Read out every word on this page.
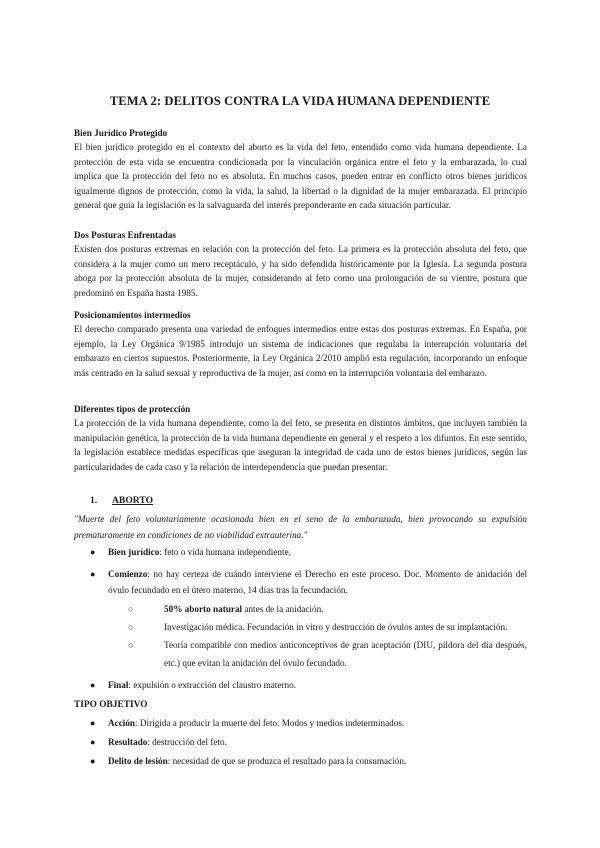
TEMA 2: DELITOS CONTRA LA VIDA HUMANA DEPENDIENTE

Bien Jurídico Protegido

El bien jurídico protegido en el contexto del aborto es la vida del feto, entendido como vida humana dependiente. La protección de esta vida se encuentra condicionada por la vinculación orgánica entre el feto y la embarazada, lo cual implica que la protección del feto no es absoluta. En muchos casos, pueden entrar en conflicto otros bienes jurídicos igualmente dignos de protección, como la vida, la salud, la libertad o la dignidad de la mujer embarazada. El principio general que guía la legislación es la salvaguarda del interés preponderante en cada situación particular.

Dos Posturas Enfrentadas

Existen dos posturas extremas en relación con la protección del feto. La primera es la protección absoluta del feto, que considera a la mujer como un mero receptáculo, y ha sido defendida históricamente por la Iglesia. La segunda postura aboga por la protección absoluta de la mujer, considerando al feto como una prolongación de su vientre, postura que predominó en España hasta 1985.

Posicionamientos intermedios

El derecho comparado presenta una variedad de enfoques intermedios entre estas dos posturas extremas. En España, por ejemplo, la Ley Orgánica 9/1985 introdujo un sistema de indicaciones que regulaba la interrupción voluntaria del embarazo en ciertos supuestos. Posteriormente, la Ley Orgánica 2/2010 amplió esta regulación, incorporando un enfoque más centrado en la salud sexual y reproductiva de la mujer, así como en la interrupción voluntaria del embarazo.

Diferentes tipos de protección

La protección de la vida humana dependiente, como la del feto, se presenta en distintos ámbitos, que incluyen también la manipulación genética, la protección de la vida humana dependiente en general y el respeto a los difuntos. En este sentido, la legislación establece medidas específicas que aseguran la integridad de cada uno de estos bienes jurídicos, según las particularidades de cada caso y la relación de interdependencia que puedan presentar.

1. ABORTO

"Muerte del feto voluntariamente ocasionada bien en el seno de la embarazada, bien provocando su expulsión prematuramente en condiciones de no viabilidad extrauterina."

● Bien jurídico: feto o vida humana independiente.
● Comienzo: no hay certeza de cuándo interviene el Derecho en este proceso. Doc. Momento de anidación del óvulo fecundado en el útero materno, 14 días tras la fecundación.
○	50% aborto natural antes de la anidación.
○	Investigación médica. Fecundación in vitro y destrucción de óvulos antes de su implantación.
○	Teoría compatible con medios anticonceptivos de gran aceptación (DIU, píldora del día después, etc.) que evitan la anidación del óvulo fecundado.
● Final: expulsión o extracción del claustro materno.
TIPO OBJETIVO
● Acción: Dirigida a producir la muerte del feto. Modos y medios indeterminados.
● Resultado: destrucción del feto.
● Delito de lesión: necesidad de que se produzca el resultado para la consumación.
